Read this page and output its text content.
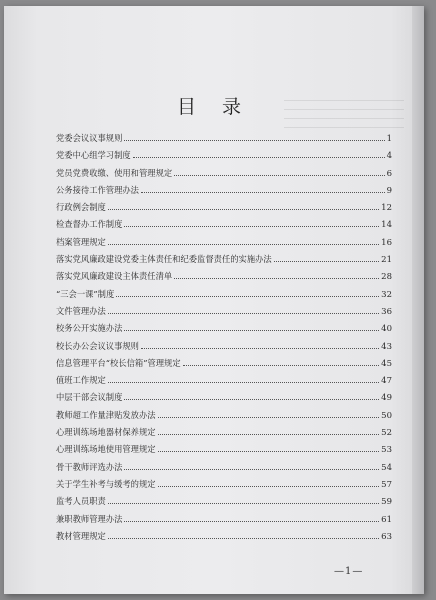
目 录
党委会议议事规则	1
党委中心组学习制度	4
党员党费收缴、使用和管理规定	6
公务接待工作管理办法	9
行政例会制度	12
检查督办工作制度	14
档案管理规定	16
落实党风廉政建设党委主体责任和纪委监督责任的实施办法	21
落实党风廉政建设主体责任清单	28
“三会一课”制度	32
文件管理办法	36
校务公开实施办法	40
校长办公会议议事规则	43
信息管理平台“校长信箱”管理规定	45
值班工作规定	47
中层干部会议制度	49
教师超工作量津贴发放办法	50
心理训练场地器材保养规定	52
心理训练场地使用管理规定	53
骨干教师评选办法	54
关于学生补考与缓考的规定	57
监考人员职责	59
兼职教师管理办法	61
教材管理规定	63
—1—
